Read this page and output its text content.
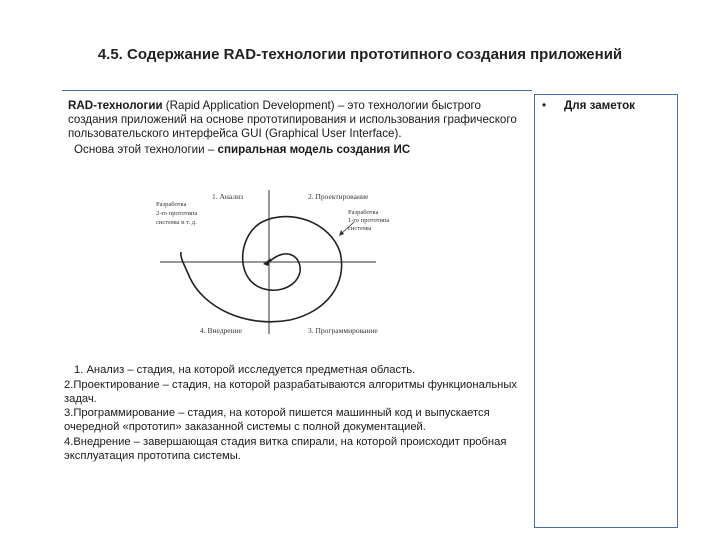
4.5. Содержание RAD-технологии прототипного создания приложений

RAD-технологии (Rapid Application Development) – это технологии быстрого создания приложений на основе прототипирования и использования графического пользовательского интерфейса GUI (Graphical User Interface).

Основа этой технологии – спиральная модель создания ИС

1. Анализ	2. Проектирование
4. Внедрение	3. Программирование
Разработка
2-го прототипа
системы и т. д.
Разработка
1-го прототипа
системы
1. Анализ – стадия, на которой исследуется предметная область.
2.Проектирование – стадия, на которой разрабатываются алгоритмы функциональных задач.
3.Программирование – стадия, на которой пишется машинный код и выпускается очередной «прототип» заказанной системы с полной документацией.
4.Внедрение – завершающая стадия витка спирали, на которой происходит пробная эксплуатация прототипа системы.
• Для заметок
